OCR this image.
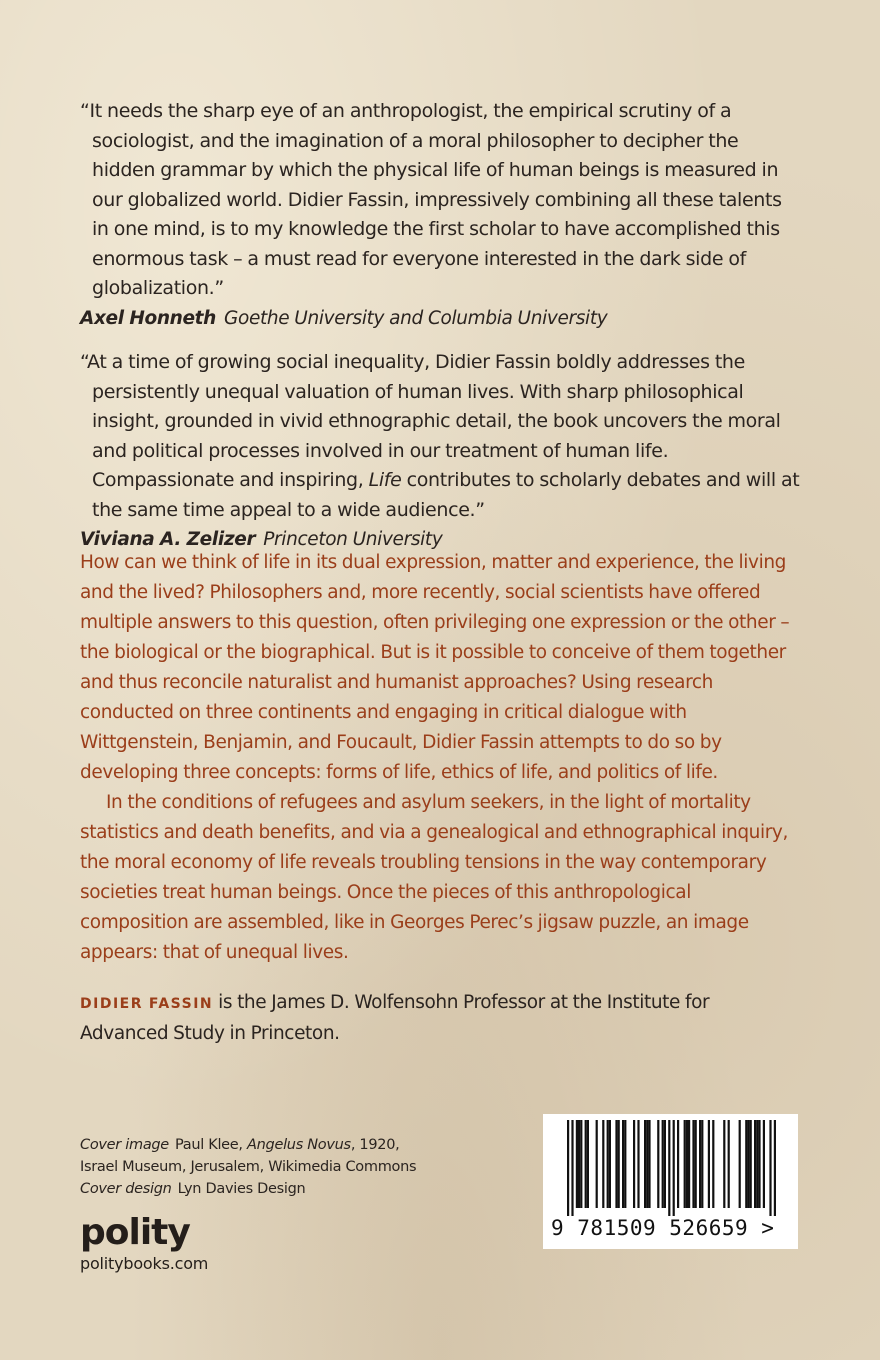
“It needs the sharp eye of an anthropologist, the empirical scrutiny of a sociologist, and the imagination of a moral philosopher to decipher the hidden grammar by which the physical life of human beings is measured in our globalized world. Didier Fassin, impressively combining all these talents in one mind, is to my knowledge the first scholar to have accomplished this enormous task – a must read for everyone interested in the dark side of globalization.”

Axel Honneth Goethe University and Columbia University

“At a time of growing social inequality, Didier Fassin boldly addresses the persistently unequal valuation of human lives. With sharp philosophical insight, grounded in vivid ethnographic detail, the book uncovers the moral and political processes involved in our treatment of human life. Compassionate and inspiring, Life contributes to scholarly debates and will at the same time appeal to a wide audience.”

Viviana A. Zelizer Princeton University

How can we think of life in its dual expression, matter and experience, the living and the lived? Philosophers and, more recently, social scientists have offered multiple answers to this question, often privileging one expression or the other – the biological or the biographical. But is it possible to conceive of them together and thus reconcile naturalist and humanist approaches? Using research conducted on three continents and engaging in critical dialogue with Wittgenstein, Benjamin, and Foucault, Didier Fassin attempts to do so by developing three concepts: forms of life, ethics of life, and politics of life.

In the conditions of refugees and asylum seekers, in the light of mortality statistics and death benefits, and via a genealogical and ethnographical inquiry, the moral economy of life reveals troubling tensions in the way contemporary societies treat human beings. Once the pieces of this anthropological composition are assembled, like in Georges Perec’s jigsaw puzzle, an image appears: that of unequal lives.

DIDIER FASSIN is the James D. Wolfensohn Professor at the Institute for Advanced Study in Princeton.
Cover image Paul Klee, Angelus Novus, 1920,
Israel Museum, Jerusalem, Wikimedia Commons
Cover design Lyn Davies Design
polity
politybooks.com
9 781509 526659 >
